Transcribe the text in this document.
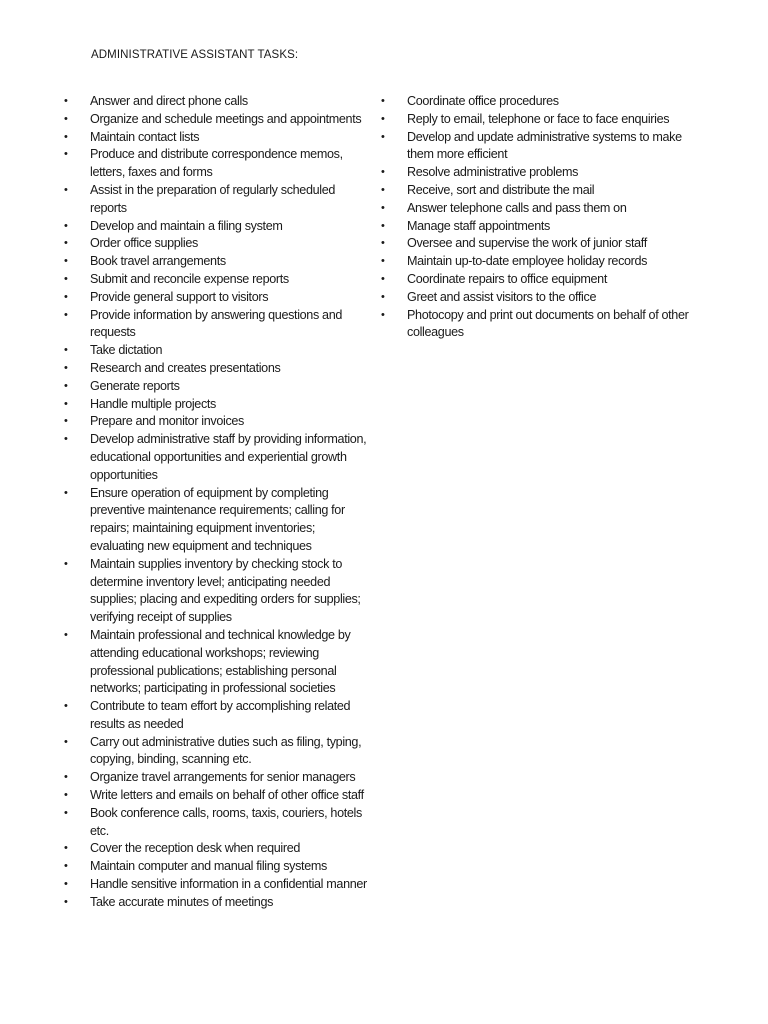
ADMINISTRATIVE ASSISTANT TASKS:
• Answer and direct phone calls
• Organize and schedule meetings and appointments
• Maintain contact lists
• Produce and distribute correspondence memos, letters, faxes and forms
• Assist in the preparation of regularly scheduled reports
• Develop and maintain a filing system
• Order office supplies
• Book travel arrangements
• Submit and reconcile expense reports
• Provide general support to visitors
• Provide information by answering questions and requests
• Take dictation
• Research and creates presentations
• Generate reports
• Handle multiple projects
• Prepare and monitor invoices
• Develop administrative staff by providing information, educational opportunities and experiential growth opportunities
• Ensure operation of equipment by completing preventive maintenance requirements; calling for repairs; maintaining equipment inventories; evaluating new equipment and techniques
• Maintain supplies inventory by checking stock to determine inventory level; anticipating needed supplies; placing and expediting orders for supplies; verifying receipt of supplies
• Maintain professional and technical knowledge by attending educational workshops; reviewing professional publications; establishing personal networks; participating in professional societies
• Contribute to team effort by accomplishing related results as needed
• Carry out administrative duties such as filing, typing, copying, binding, scanning etc.
• Organize travel arrangements for senior managers
• Write letters and emails on behalf of other office staff
• Book conference calls, rooms, taxis, couriers, hotels etc.
• Cover the reception desk when required
• Maintain computer and manual filing systems
• Handle sensitive information in a confidential manner
• Take accurate minutes of meetings
• Coordinate office procedures
• Reply to email, telephone or face to face enquiries
• Develop and update administrative systems to make them more efficient
• Resolve administrative problems
• Receive, sort and distribute the mail
• Answer telephone calls and pass them on
• Manage staff appointments
• Oversee and supervise the work of junior staff
• Maintain up-to-date employee holiday records
• Coordinate repairs to office equipment
• Greet and assist visitors to the office
• Photocopy and print out documents on behalf of other colleagues
